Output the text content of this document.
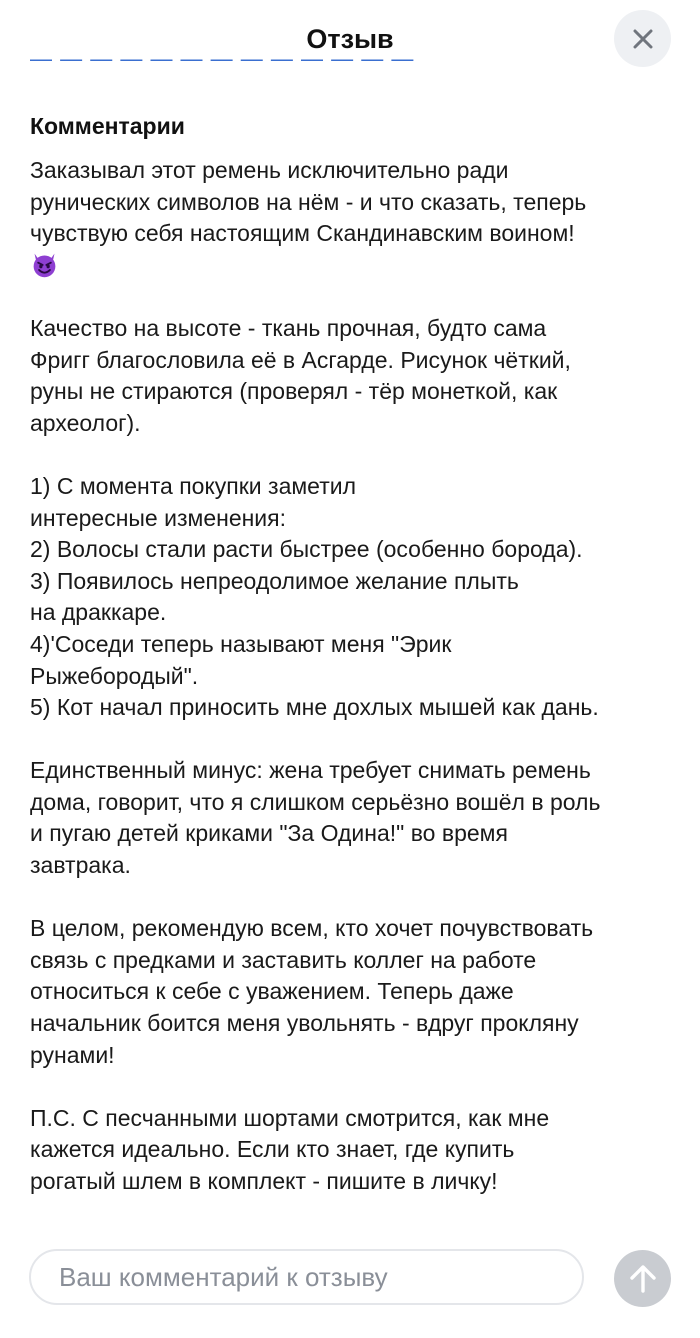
Отзыв
— — — — — — — — — — — — —
Комментарии

Заказывал этот ремень исключительно ради
рунических символов на нём - и что сказать, теперь
чувствую себя настоящим Скандинавским воином!

Качество на высоте - ткань прочная, будто сама
Фригг благословила её в Асгарде. Рисунок чёткий,
руны не стираются (проверял - тёр монеткой, как
археолог).

1) С момента покупки заметил
интересные изменения:
2) Волосы стали расти быстрее (особенно борода).
3) Появилось непреодолимое желание плыть
на драккаре.
4)'Соседи теперь называют меня "Эрик
Рыжебородый".
5) Кот начал приносить мне дохлых мышей как дань.

Единственный минус: жена требует снимать ремень
дома, говорит, что я слишком серьёзно вошёл в роль
и пугаю детей криками "За Одина!" во время
завтрака.

В целом, рекомендую всем, кто хочет почувствовать
связь с предками и заставить коллег на работе
относиться к себе с уважением. Теперь даже
начальник боится меня увольнять - вдруг прокляну
рунами!

П.С. С песчанными шортами смотрится, как мне
кажется идеально. Если кто знает, где купить
рогатый шлем в комплект - пишите в личку!

Ваш комментарий к отзыву
